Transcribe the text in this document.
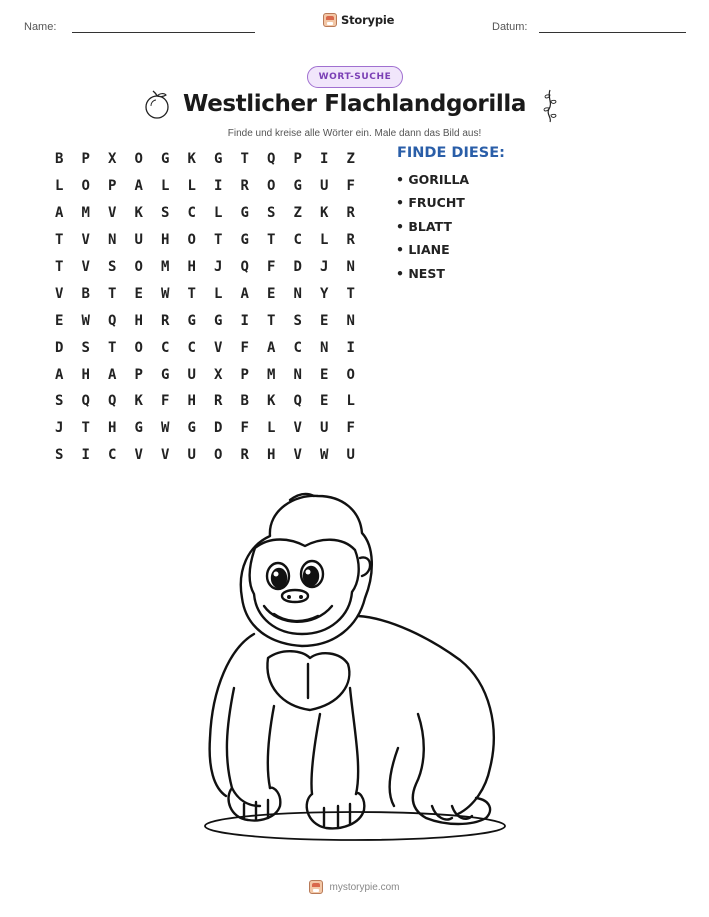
Name:	Storypie	Datum:
WORT-SUCHE
Westlicher Flachlandgorilla
Finde und kreise alle Wörter ein. Male dann das Bild aus!
B	P	X	O	G	K	G	T	Q	P	I	Z
L	O	P	A	L	L	I	R	O	G	U	F
A	M	V	K	S	C	L	G	S	Z	K	R
T	V	N	U	H	O	T	G	T	C	L	R
T	V	S	O	M	H	J	Q	F	D	J	N
V	B	T	E	W	T	L	A	E	N	Y	T
E	W	Q	H	R	G	G	I	T	S	E	N
D	S	T	O	C	C	V	F	A	C	N	I
A	H	A	P	G	U	X	P	M	N	E	O
S	Q	Q	K	F	H	R	B	K	Q	E	L
J	T	H	G	W	G	D	F	L	V	U	F
S	I	C	V	V	U	O	R	H	V	W	U
FINDE DIESE:
• GORILLA
• FRUCHT
• BLATT
• LIANE
• NEST
mystorypie.com
